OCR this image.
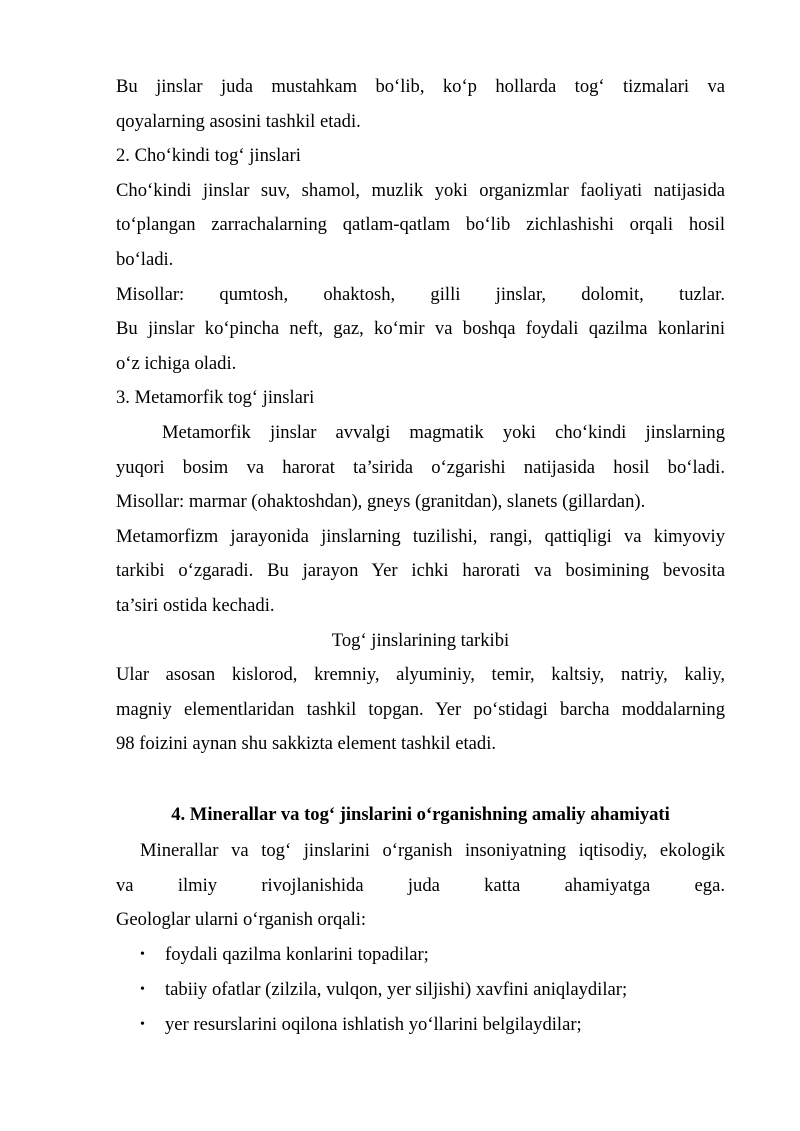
Bu jinslar juda mustahkam bo‘lib, ko‘p hollarda tog‘ tizmalari va
qoyalarning asosini tashkil etadi.
2. Cho‘kindi tog‘ jinslari
Cho‘kindi jinslar suv, shamol, muzlik yoki organizmlar faoliyati natijasida
to‘plangan zarrachalarning qatlam-qatlam bo‘lib zichlashishi orqali hosil
bo‘ladi.
Misollar: qumtosh, ohaktosh, gilli jinslar, dolomit, tuzlar.
Bu jinslar ko‘pincha neft, gaz, ko‘mir va boshqa foydali qazilma konlarini
o‘z ichiga oladi.
3. Metamorfik tog‘ jinslari
Metamorfik jinslar avvalgi magmatik yoki cho‘kindi jinslarning
yuqori bosim va harorat ta’sirida o‘zgarishi natijasida hosil bo‘ladi.
Misollar: marmar (ohaktoshdan), gneys (granitdan), slanets (gillardan).
Metamorfizm jarayonida jinslarning tuzilishi, rangi, qattiqligi va kimyoviy
tarkibi o‘zgaradi. Bu jarayon Yer ichki harorati va bosimining bevosita
ta’siri ostida kechadi.
Tog‘ jinslarining tarkibi
Ular asosan kislorod, kremniy, alyuminiy, temir, kaltsiy, natriy, kaliy,
magniy elementlaridan tashkil topgan. Yer po‘stidagi barcha moddalarning
98 foizini aynan shu sakkizta element tashkil etadi.
4. Minerallar va tog‘ jinslarini o‘rganishning amaliy ahamiyati
Minerallar va tog‘ jinslarini o‘rganish insoniyatning iqtisodiy, ekologik
va ilmiy rivojlanishida juda katta ahamiyatga ega.
Geologlar ularni o‘rganish orqali:
• foydali qazilma konlarini topadilar;
• tabiiy ofatlar (zilzila, vulqon, yer siljishi) xavfini aniqlaydilar;
• yer resurslarini oqilona ishlatish yo‘llarini belgilaydilar;
